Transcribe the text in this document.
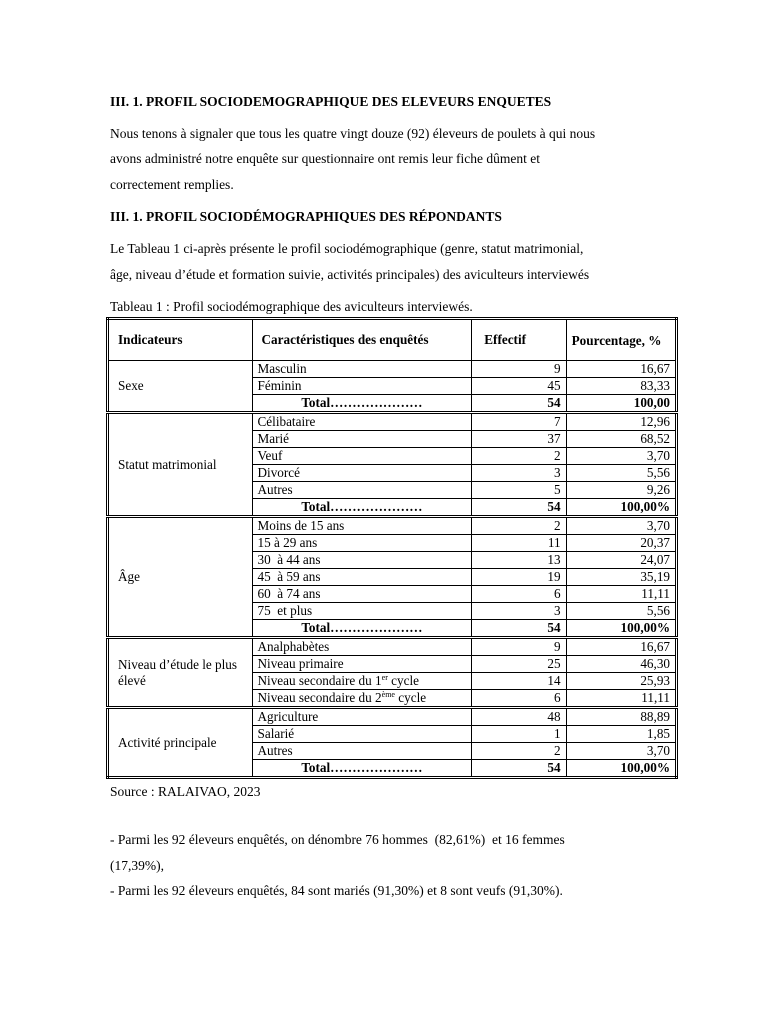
III. 1. PROFIL SOCIODEMOGRAPHIQUE DES ELEVEURS ENQUETES
Nous tenons à signaler que tous les quatre vingt douze (92) éleveurs de poulets à qui nous
avons administré notre enquête sur questionnaire ont remis leur fiche dûment et
correctement remplies.
III. 1. PROFIL SOCIODÉMOGRAPHIQUES DES RÉPONDANTS
Le Tableau 1 ci-après présente le profil sociodémographique (genre, statut matrimonial,
âge, niveau d’étude et formation suivie, activités principales) des aviculteurs interviewés
Tableau 1 : Profil sociodémographique des aviculteurs interviewés.
Indicateurs	Caractéristiques des enquêtés	Effectif	Pourcentage, %
Sexe	Masculin	9	16,67
	Féminin	45	83,33
	Total…………………	54	100,00
Statut matrimonial	Célibataire	7	12,96
	Marié	37	68,52
	Veuf	2	3,70
	Divorcé	3	5,56
	Autres	5	9,26
	Total…………………	54	100,00%
Âge	Moins de 15 ans	2	3,70
	15 à 29 ans	11	20,37
	30  à 44 ans	13	24,07
	45  à 59 ans	19	35,19
	60  à 74 ans	6	11,11
	75  et plus	3	5,56
	Total…………………	54	100,00%
Niveau d’étude le plus élevé	Analphabètes	9	16,67
	Niveau primaire	25	46,30
	Niveau secondaire du 1er cycle	14	25,93
	Niveau secondaire du 2ème cycle	6	11,11
Activité principale	Agriculture	48	88,89
	Salarié	1	1,85
	Autres	2	3,70
	Total…………………	54	100,00%
Source : RALAIVAO, 2023
- Parmi les 92 éleveurs enquêtés, on dénombre 76 hommes  (82,61%)  et 16 femmes
(17,39%),
- Parmi les 92 éleveurs enquêtés, 84 sont mariés (91,30%) et 8 sont veufs (91,30%).
